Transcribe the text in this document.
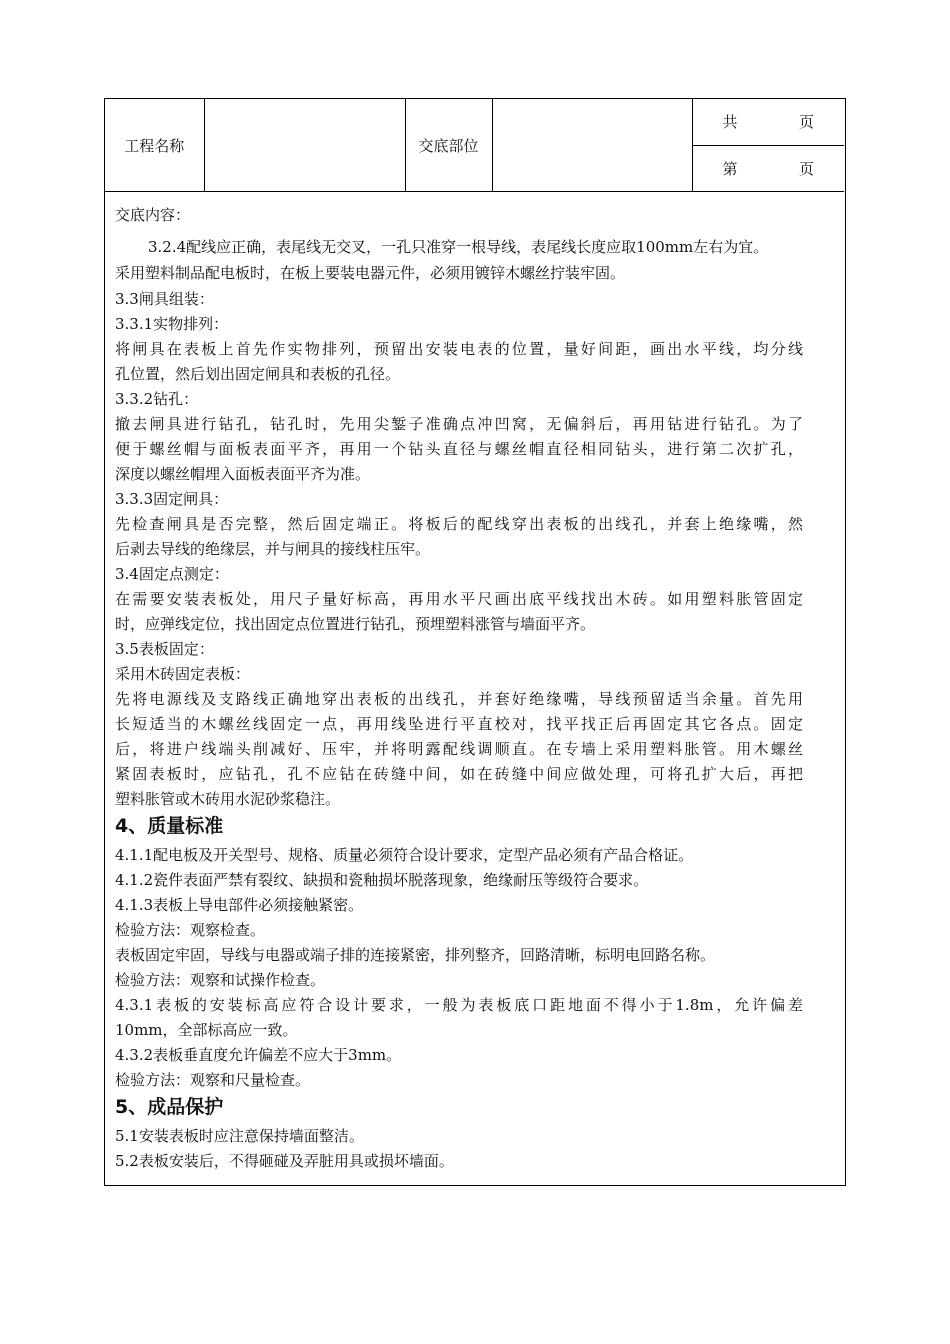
工程名称		交底部位		共	页
第	页
交底内容：
3.2.4配线应正确，表尾线无交叉，一孔只准穿一根导线，表尾线长度应取100mm左右为宜。
采用塑料制品配电板时，在板上要装电器元件，必须用镀锌木螺丝拧装牢固。
3.3闸具组装：
3.3.1实物排列：
将闸具在表板上首先作实物排列，预留出安装电表的位置，量好间距，画出水平线，均分线
孔位置，然后划出固定闸具和表板的孔径。
3.3.2钻孔：
撤去闸具进行钻孔，钻孔时，先用尖錾子准确点冲凹窝，无偏斜后，再用钻进行钻孔。为了
便于螺丝帽与面板表面平齐，再用一个钻头直径与螺丝帽直径相同钻头，进行第二次扩孔，
深度以螺丝帽埋入面板表面平齐为准。
3.3.3固定闸具：
先检查闸具是否完整，然后固定端正。将板后的配线穿出表板的出线孔，并套上绝缘嘴，然
后剥去导线的绝缘层，并与闸具的接线柱压牢。
3.4固定点测定：
在需要安装表板处，用尺子量好标高，再用水平尺画出底平线找出木砖。如用塑料胀管固定
时，应弹线定位，找出固定点位置进行钻孔，预埋塑料涨管与墙面平齐。
3.5表板固定：
采用木砖固定表板：
先将电源线及支路线正确地穿出表板的出线孔，并套好绝缘嘴，导线预留适当余量。首先用
长短适当的木螺丝线固定一点，再用线坠进行平直校对，找平找正后再固定其它各点。固定
后，将进户线端头削减好、压牢，并将明露配线调顺直。在专墙上采用塑料胀管。用木螺丝
紧固表板时，应钻孔，孔不应钻在砖缝中间，如在砖缝中间应做处理，可将孔扩大后，再把
塑料胀管或木砖用水泥砂浆稳注。
4、质量标准
4.1.1配电板及开关型号、规格、质量必须符合设计要求，定型产品必须有产品合格证。
4.1.2瓷件表面严禁有裂纹、缺损和瓷釉损坏脱落现象，绝缘耐压等级符合要求。
4.1.3表板上导电部件必须接触紧密。
检验方法：观察检查。
表板固定牢固，导线与电器或端子排的连接紧密，排列整齐，回路清晰，标明电回路名称。
检验方法：观察和试操作检查。
4.3.1表板的安装标高应符合设计要求，一般为表板底口距地面不得小于1.8m，允许偏差
10mm，全部标高应一致。
4.3.2表板垂直度允许偏差不应大于3mm。
检验方法：观察和尺量检查。
5、成品保护
5.1安装表板时应注意保持墙面整洁。
5.2表板安装后，不得砸碰及弄脏用具或损坏墙面。
